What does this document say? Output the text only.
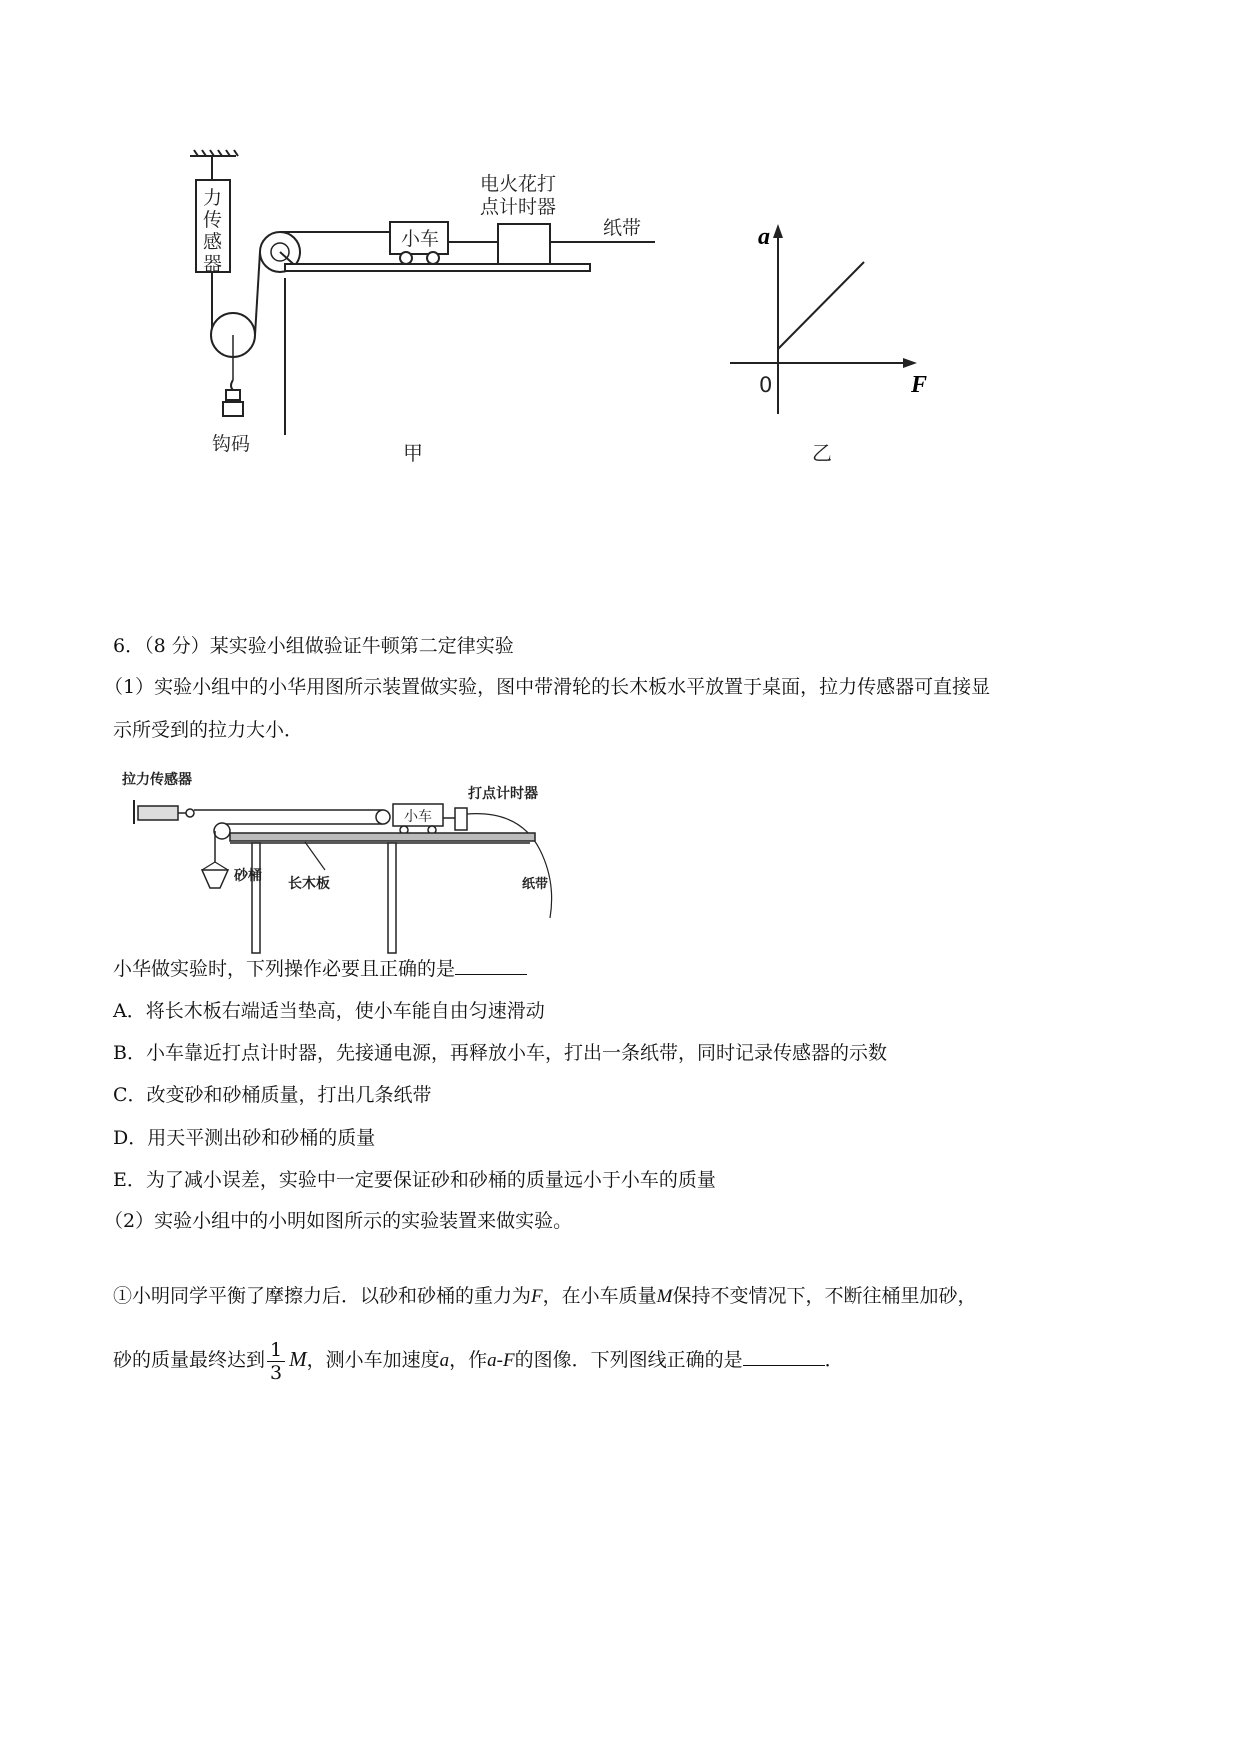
力
传
感
器
小车
电火花打
点计时器
纸带
钩码	甲
a
F
0
乙
6．（8 分）某实验小组做验证牛顿第二定律实验
（1）实验小组中的小华用图所示装置做实验，图中带滑轮的长木板水平放置于桌面，拉力传感器可直接显
示所受到的拉力大小．
拉力传感器
小车
打点计时器
纸带
长木板
砂桶
小华做实验时，下列操作必要且正确的是
A．将长木板右端适当垫高，使小车能自由匀速滑动
B．小车靠近打点计时器，先接通电源，再释放小车，打出一条纸带，同时记录传感器的示数
C．改变砂和砂桶质量，打出几条纸带
D．用天平测出砂和砂桶的质量
E．为了减小误差，实验中一定要保证砂和砂桶的质量远小于小车的质量
（2）实验小组中的小明如图所示的实验装置来做实验。
①小明同学平衡了摩擦力后．以砂和砂桶的重力为F，在小车质量M保持不变情况下，不断往桶里加砂，
砂的质量最终达到 $\frac{1}{3}$ M，测小车加速度a，作a-F的图像．下列图线正确的是	．
